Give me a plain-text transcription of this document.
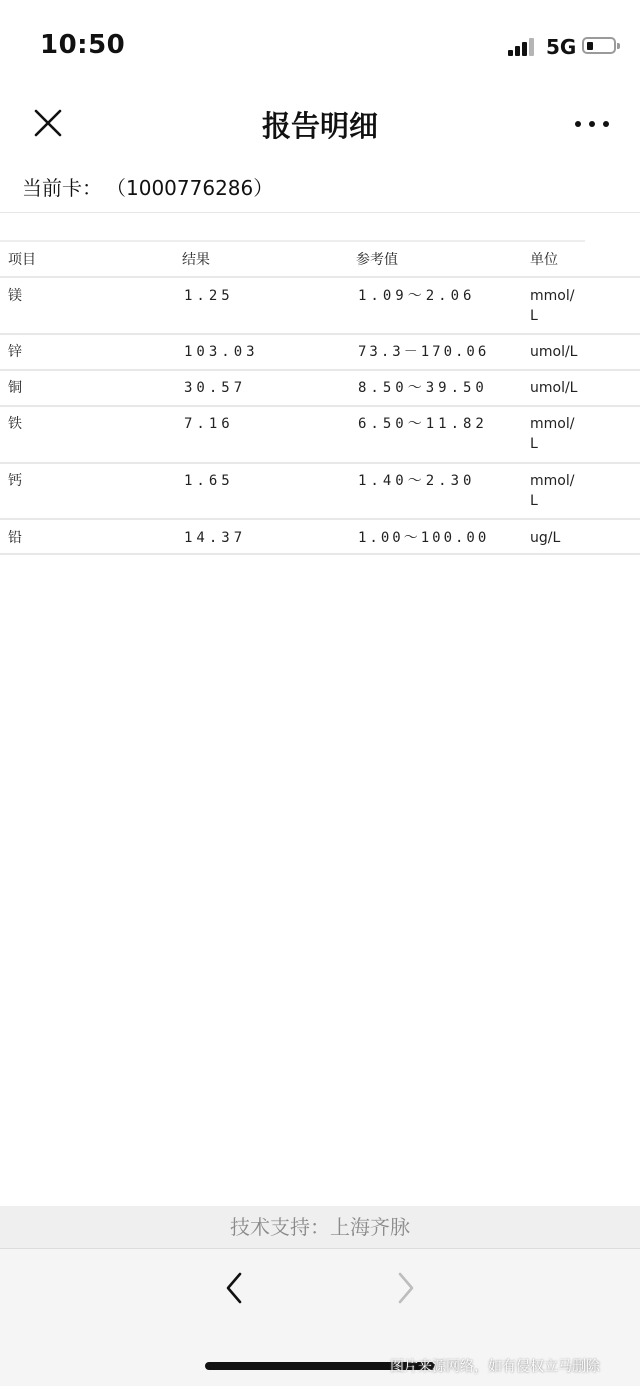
10:50	5G
报告明细
当前卡： （1000776286）
项目	结果	参考值	单位
镁	1.25	1.09～2.06	mmol/L
锌	103.03	73.3－170.06	umol/L
铜	30.57	8.50～39.50	umol/L
铁	7.16	6.50～11.82	mmol/L
钙	1.65	1.40～2.30	mmol/L
铅	14.37	1.00～100.00	ug/L
技术支持：上海齐脉
图片来源网络，如有侵权立马删除
